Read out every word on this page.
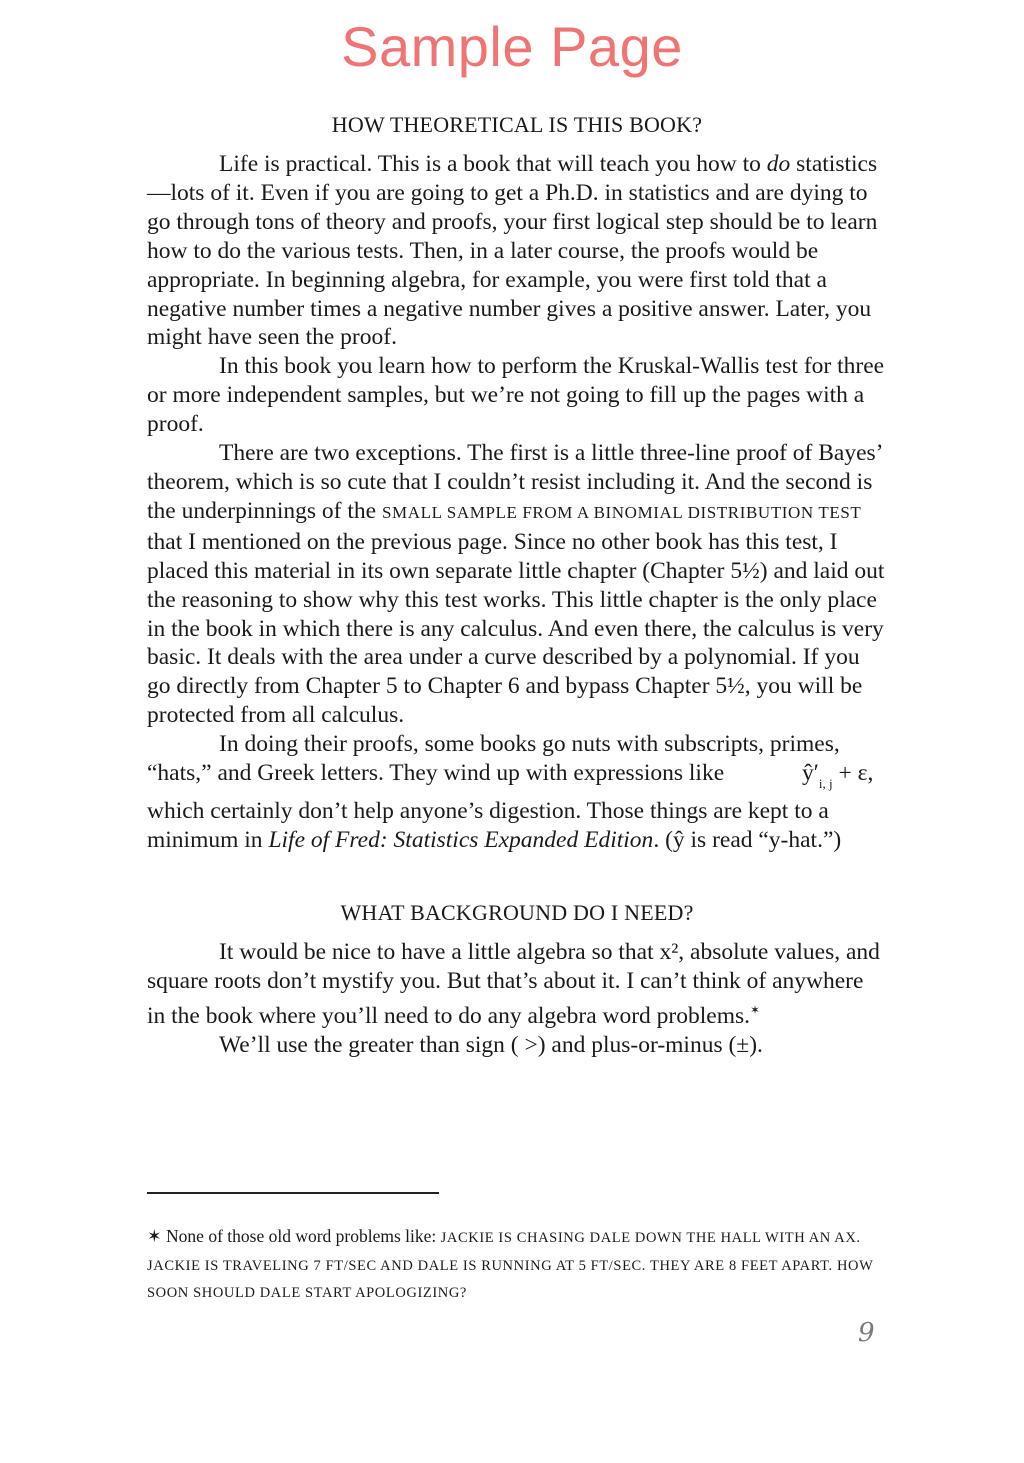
Sample Page
HOW THEORETICAL IS THIS BOOK?

Life is practical. This is a book that will teach you how to do statistics—lots of it. Even if you are going to get a Ph.D. in statistics and are dying to go through tons of theory and proofs, your first logical step should be to learn how to do the various tests. Then, in a later course, the proofs would be appropriate. In beginning algebra, for example, you were first told that a negative number times a negative number gives a positive answer. Later, you might have seen the proof.

In this book you learn how to perform the Kruskal-Wallis test for three or more independent samples, but we’re not going to fill up the pages with a proof.

There are two exceptions. The first is a little three-line proof of Bayes’ theorem, which is so cute that I couldn’t resist including it. And the second is the underpinnings of the SMALL SAMPLE FROM A BINOMIAL DISTRIBUTION TEST that I mentioned on the previous page. Since no other book has this test, I placed this material in its own separate little chapter (Chapter 5½) and laid out the reasoning to show why this test works. This little chapter is the only place in the book in which there is any calculus. And even there, the calculus is very basic. It deals with the area under a curve described by a polynomial. If you go directly from Chapter 5 to Chapter 6 and bypass Chapter 5½, you will be protected from all calculus.

In doing their proofs, some books go nuts with subscripts, primes, “hats,” and Greek letters. They wind up with expressions like	$ŷ'_{i, j} + \varepsilon$, which certainly don’t help anyone’s digestion. Those things are kept to a minimum in Life of Fred: Statistics Expanded Edition. (ŷ is read “y-hat.”)

WHAT BACKGROUND DO I NEED?

It would be nice to have a little algebra so that x², absolute values, and square roots don’t mystify you. But that’s about it. I can’t think of anywhere in the book where you’ll need to do any algebra word problems.✶

We’ll use the greater than sign ( >) and plus-or-minus (±).

✶ None of those old word problems like: JACKIE IS CHASING DALE DOWN THE HALL WITH AN AX. JACKIE IS TRAVELING 7 FT/SEC AND DALE IS RUNNING AT 5 FT/SEC. THEY ARE 8 FEET APART. HOW SOON SHOULD DALE START APOLOGIZING?
9
